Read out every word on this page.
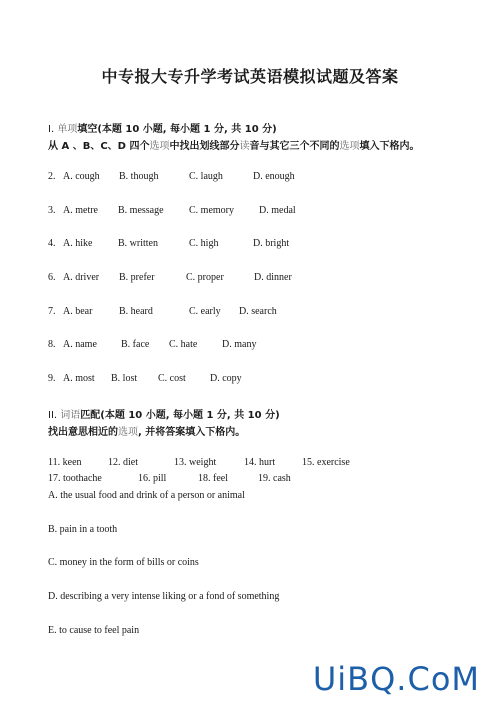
中专报大专升学考试英语模拟试题及答案
I. 单项填空(本题 10 小题, 每小题 1 分, 共 10 分)
从 A 、B、C、D 四个选项中找出划线部分读音与其它三个不同的选项填入下格内。
2. A. cough B. though	C. laugh	D. enough
3. A. metre B. message	C. memory	D. medal
4. A. hike	B. written	C. high	D. bright
6. A. driver B. prefer	C. proper	D. dinner
7. A. bear	B. heard	C. early D. search
8. A. name B. face C. hate D. many
9. A. most B. lost C. cost D. copy
II. 词语匹配(本题 10 小题, 每小题 1 分, 共 10 分)
找出意思相近的选项, 并将答案填入下格内。
11. keen	12. diet	13. weight	14. hurt	15. exercise
17. toothache	16. pill	18. feel	19. cash
A. the usual food and drink of a person or animal
B. pain in a tooth
C. money in the form of bills or coins
D. describing a very intense liking or a fond of something
E. to cause to feel pain
UiBQ.CoM
